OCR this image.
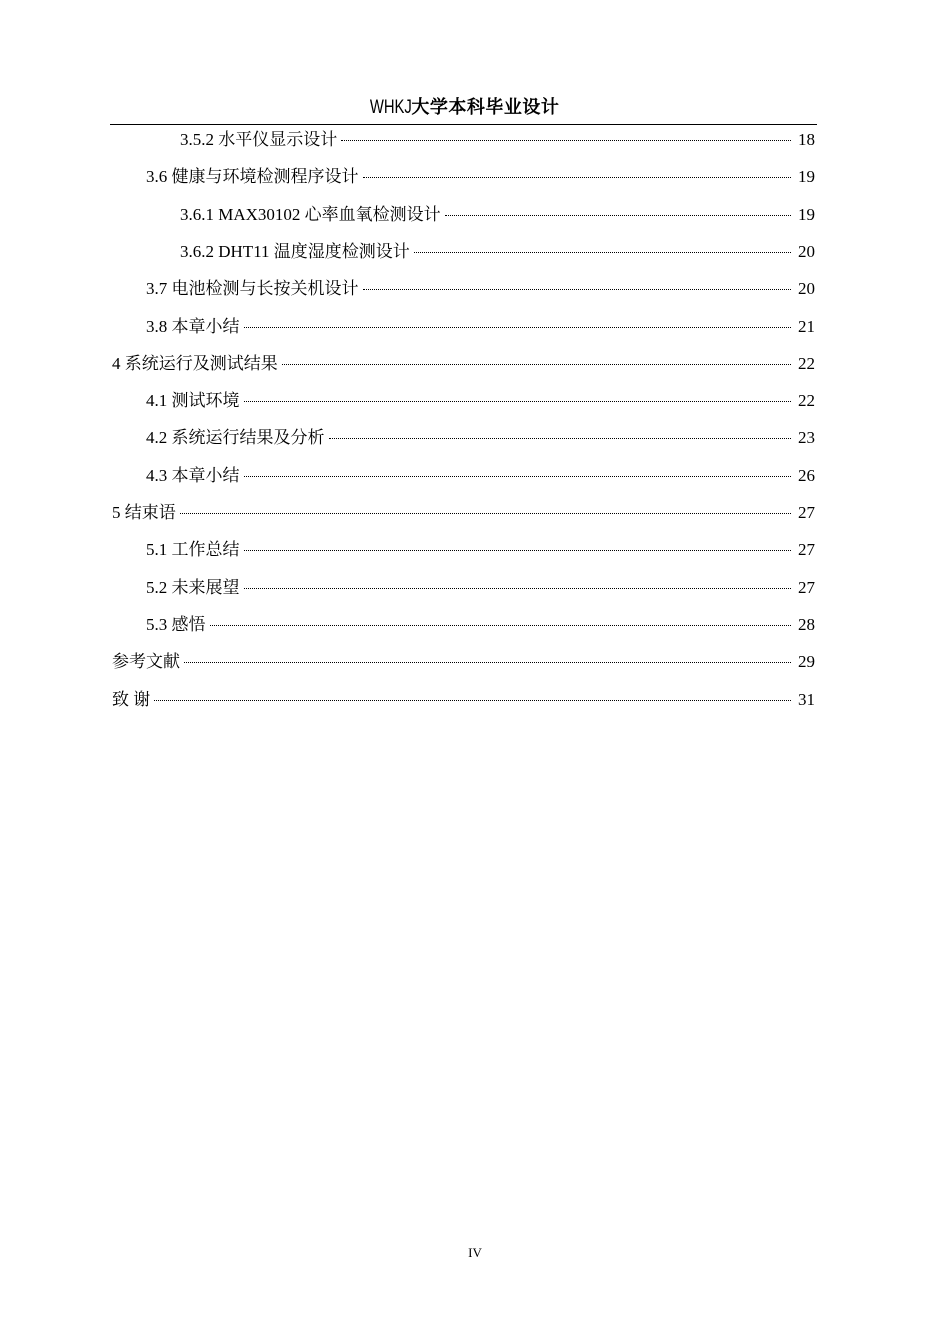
WHKJ大学本科毕业设计
3.5.2 水平仪显示设计	18
3.6 健康与环境检测程序设计	19
3.6.1 MAX30102 心率血氧检测设计	19
3.6.2 DHT11 温度湿度检测设计	20
3.7 电池检测与长按关机设计	20
3.8 本章小结	21
4 系统运行及测试结果	22
4.1 测试环境	22
4.2 系统运行结果及分析	23
4.3 本章小结	26
5 结束语	27
5.1 工作总结	27
5.2 未来展望	27
5.3 感悟	28
参考文献	29
致 谢	31
IV
